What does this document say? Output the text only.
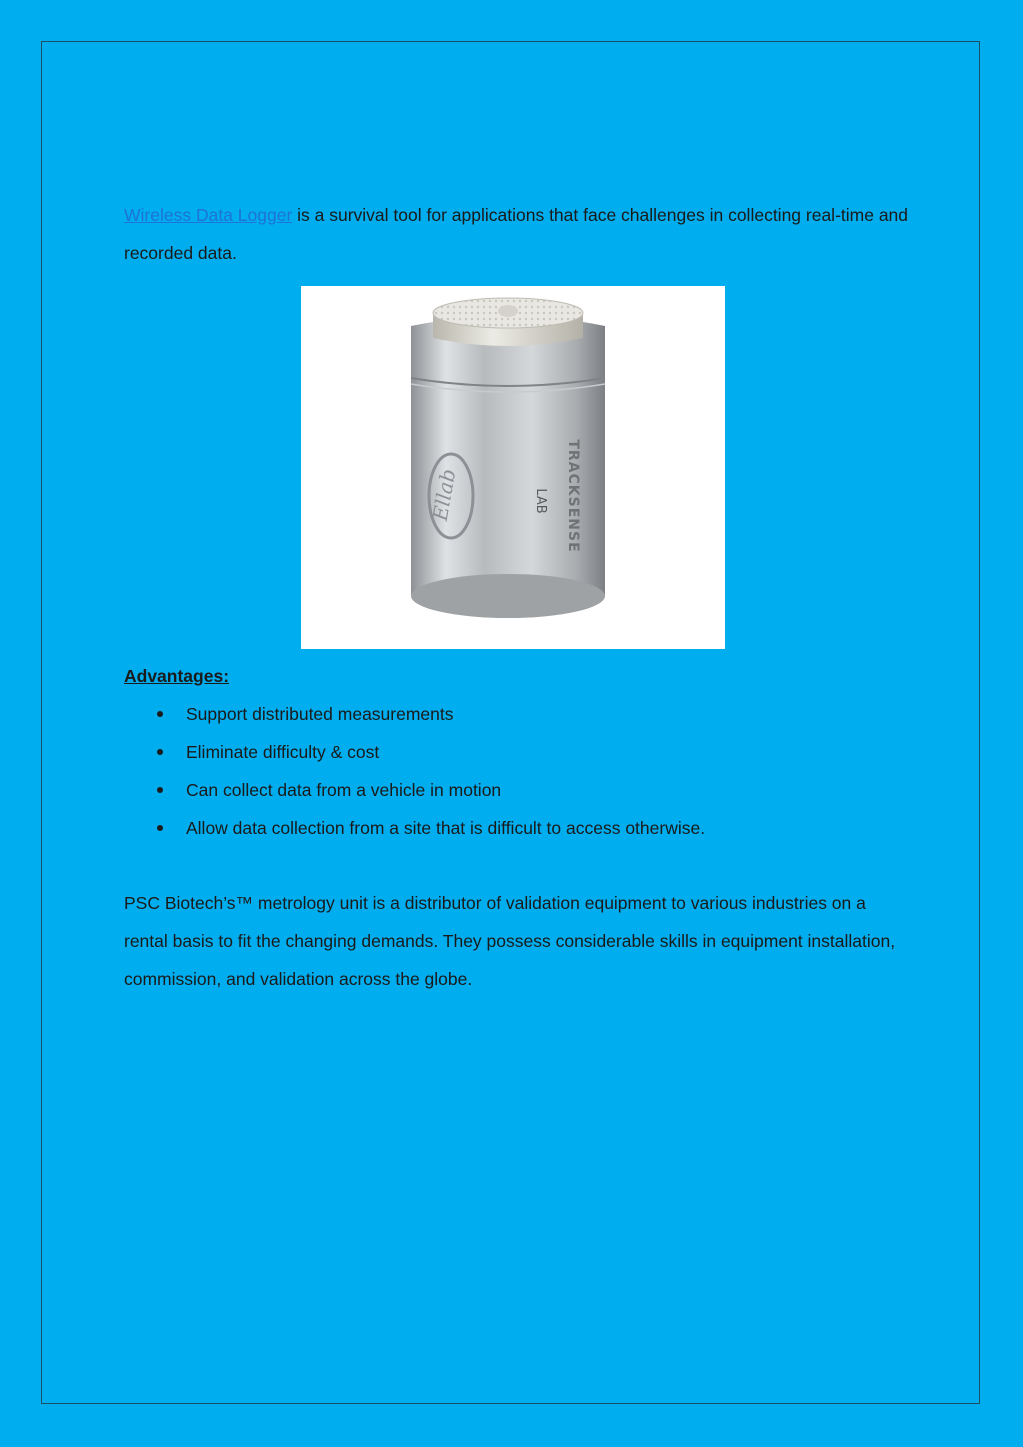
Wireless Data Logger is a survival tool for applications that face challenges in collecting real-time and recorded data.

Ellab	LAB TRACKSENSE
Advantages:
Support distributed measurements
Eliminate difficulty & cost
Can collect data from a vehicle in motion
Allow data collection from a site that is difficult to access otherwise.

PSC Biotech’s™ metrology unit is a distributor of validation equipment to various industries on a rental basis to fit the changing demands. They possess considerable skills in equipment installation, commission, and validation across the globe.
